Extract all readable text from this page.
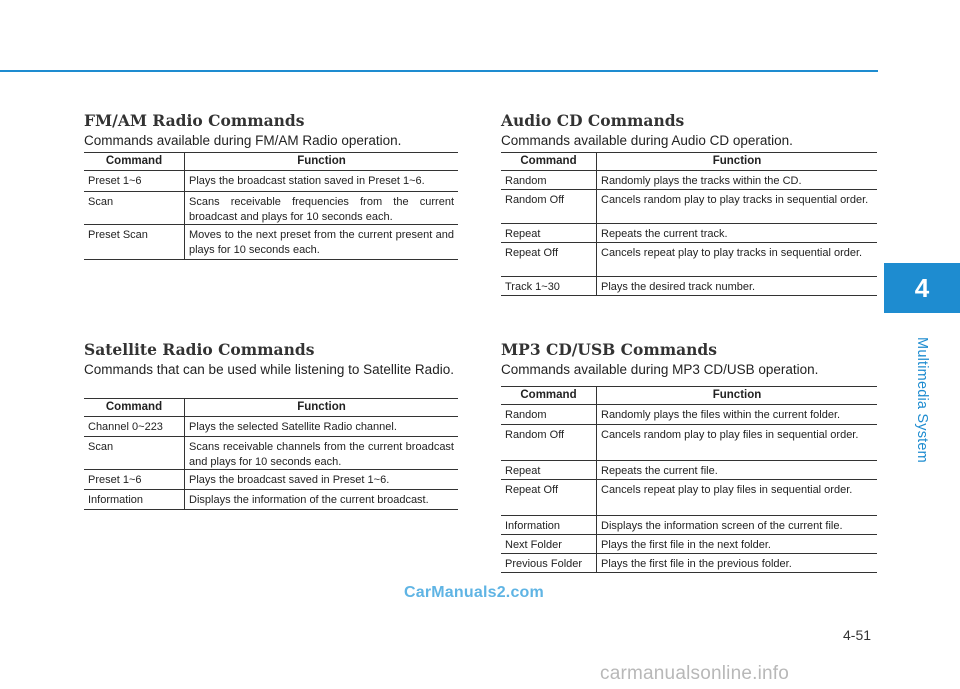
4
Multimedia System
FM/AM Radio Commands
Commands available during FM/AM Radio operation.
Command	Function
Preset 1~6	Plays the broadcast station saved in Preset 1~6.
Scan	Scans receivable frequencies from the current broadcast and plays for 10 seconds each.
Preset Scan	Moves to the next preset from the current present and plays for 10 seconds each.
Satellite Radio Commands
Commands that can be used while listening to Satellite Radio.
Command	Function
Channel 0~223	Plays the selected Satellite Radio channel.
Scan	Scans receivable channels from the current broadcast and plays for 10 seconds each.
Preset 1~6	Plays the broadcast saved in Preset 1~6.
Information	Displays the information of the current broadcast.
Audio CD Commands
Commands available during Audio CD operation.
Command	Function
Random	Randomly plays the tracks within the CD.
Random Off	Cancels random play to play tracks in sequential order.
Repeat	Repeats the current track.
Repeat Off	Cancels repeat play to play tracks in sequential order.
Track 1~30	Plays the desired track number.
MP3 CD/USB Commands
Commands available during MP3 CD/USB operation.
Command	Function
Random	Randomly plays the files within the current folder.
Random Off	Cancels random play to play files in sequential order.
Repeat	Repeats the current file.
Repeat Off	Cancels repeat play to play files in sequential order.
Information	Displays the information screen of the current file.
Next Folder	Plays the first file in the next folder.
Previous Folder	Plays the first file in the previous folder.
CarManuals2.com
4-51
carmanualsonline.info
